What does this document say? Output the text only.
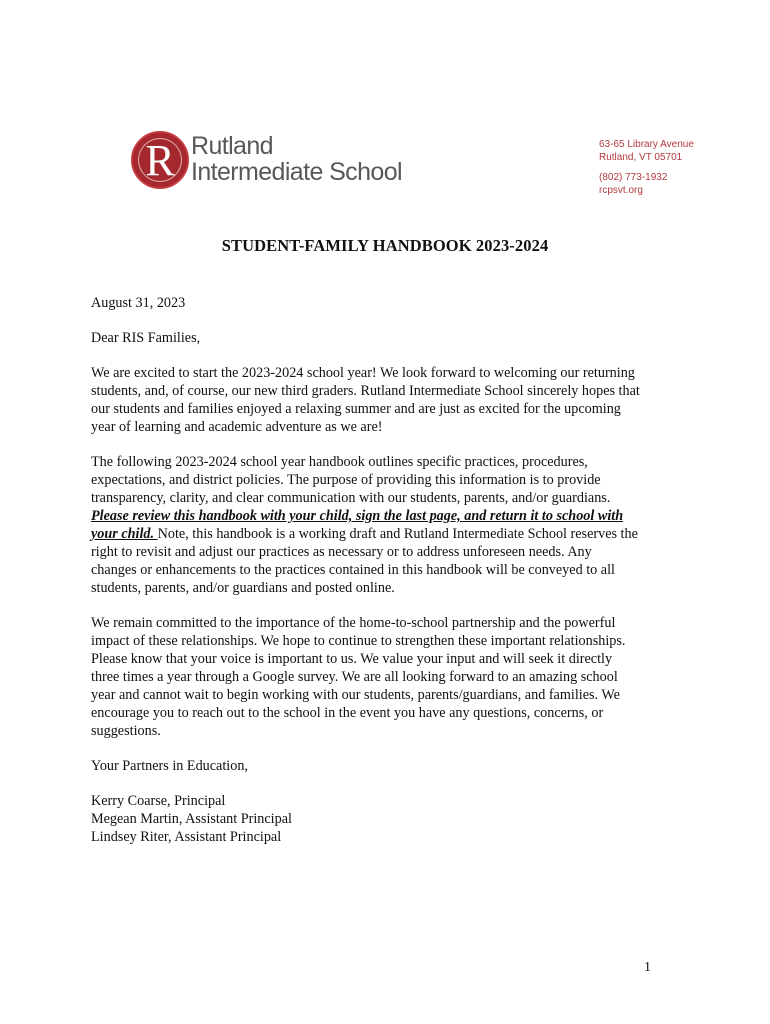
R Rutland
Intermediate School
63-65 Library Avenue
Rutland, VT 05701
(802) 773-1932
rcpsvt.org
STUDENT-FAMILY HANDBOOK 2023-2024

August 31, 2023

Dear RIS Families,

We are excited to start the 2023-2024 school year! We look forward to welcoming our returning
students, and, of course, our new third graders. Rutland Intermediate School sincerely hopes that
our students and families enjoyed a relaxing summer and are just as excited for the upcoming
year of learning and academic adventure as we are!

The following 2023-2024 school year handbook outlines specific practices, procedures,
expectations, and district policies. The purpose of providing this information is to provide
transparency, clarity, and clear communication with our students, parents, and/or guardians.
Please review this handbook with your child, sign the last page, and return it to school with
your child. Note, this handbook is a working draft and Rutland Intermediate School reserves the
right to revisit and adjust our practices as necessary or to address unforeseen needs. Any
changes or enhancements to the practices contained in this handbook will be conveyed to all
students, parents, and/or guardians and posted online.

We remain committed to the importance of the home-to-school partnership and the powerful
impact of these relationships. We hope to continue to strengthen these important relationships.
Please know that your voice is important to us. We value your input and will seek it directly
three times a year through a Google survey. We are all looking forward to an amazing school
year and cannot wait to begin working with our students, parents/guardians, and families. We
encourage you to reach out to the school in the event you have any questions, concerns, or
suggestions.

Your Partners in Education,

Kerry Coarse, Principal
Megean Martin, Assistant Principal
Lindsey Riter, Assistant Principal

1
